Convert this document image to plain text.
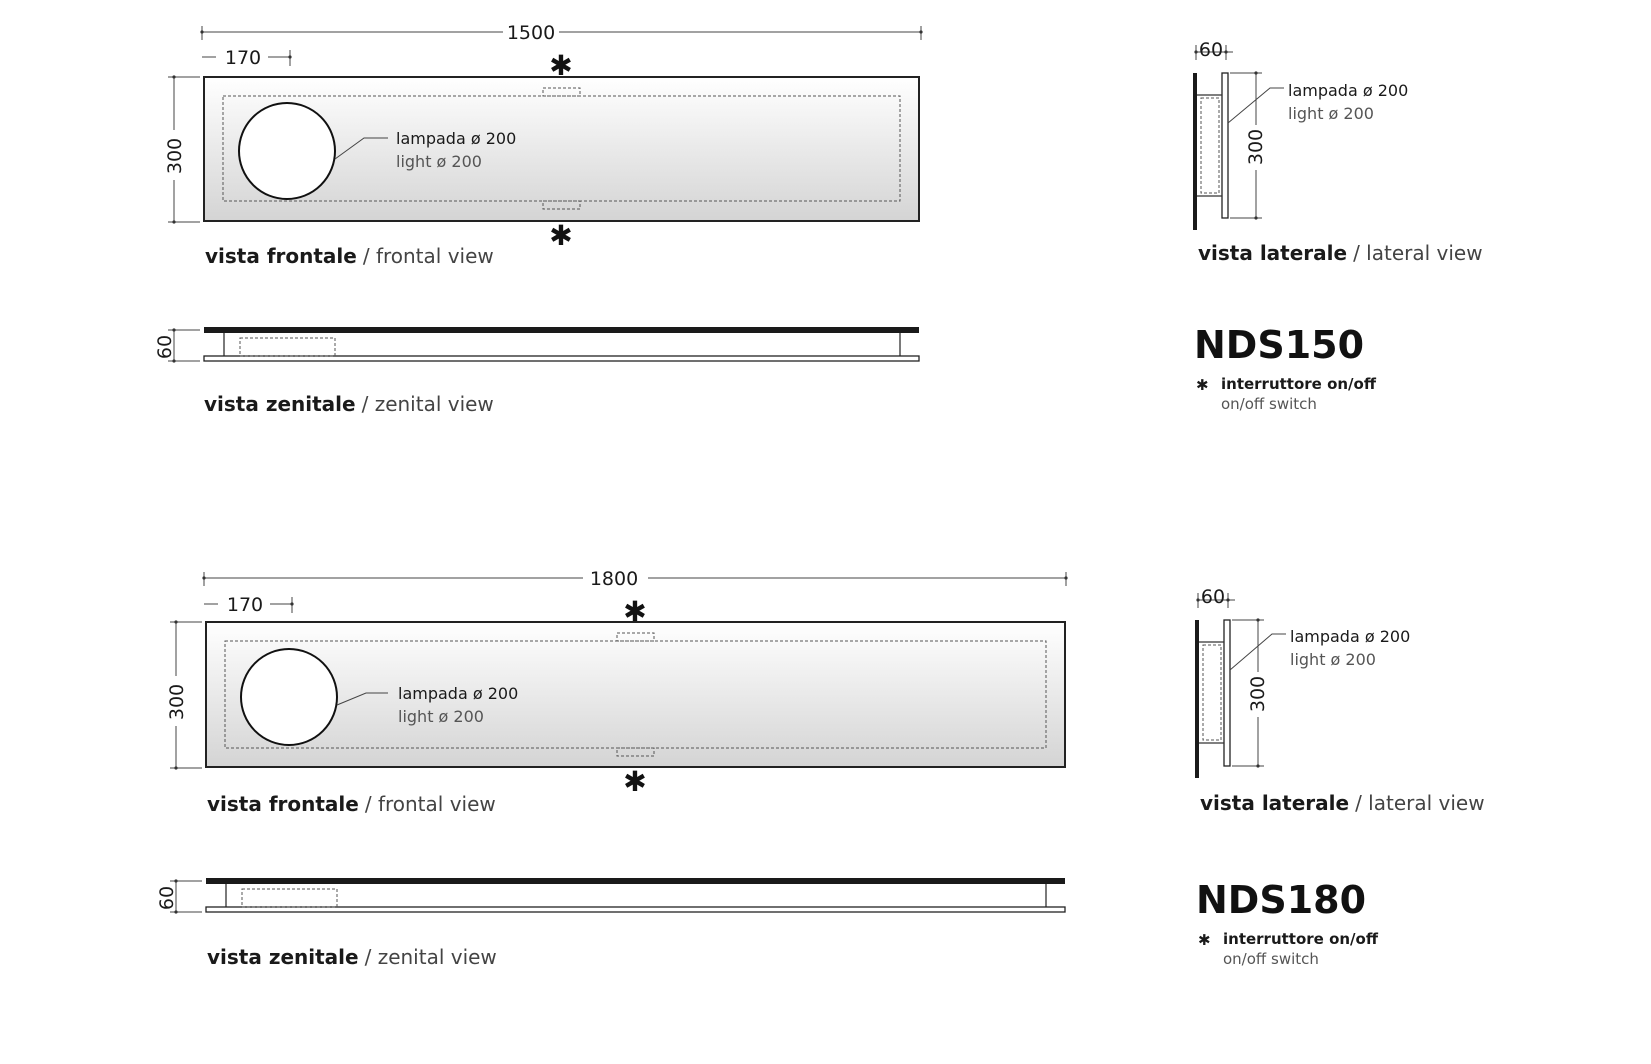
1500
170
300
✱
✱
lampada ø 200
light ø 200
vista frontale / frontal view
60
vista zenitale / zenital view
60
300
lampada ø 200
light ø 200
vista laterale / lateral view
NDS150
✱ interruttore on/off
on/off switch
1800
170
300
✱
✱
lampada ø 200
light ø 200
vista frontale / frontal view
60
vista zenitale / zenital view
60
300
lampada ø 200
light ø 200
vista laterale / lateral view
NDS180
✱ interruttore on/off
on/off switch
